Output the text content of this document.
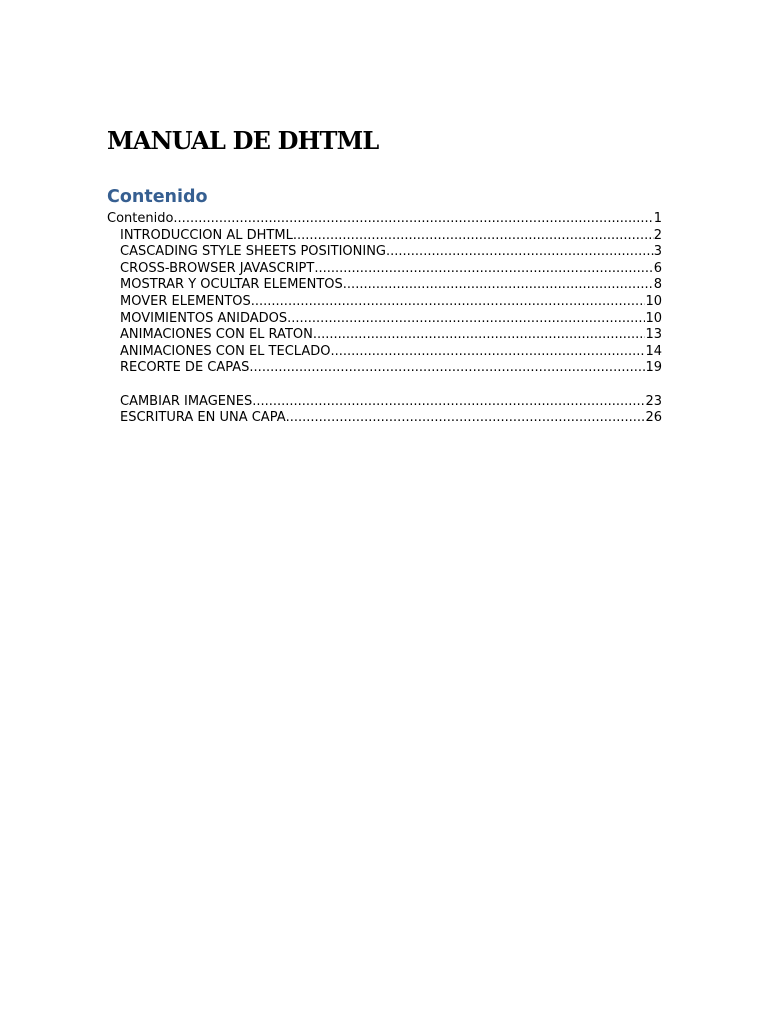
MANUAL DE DHTML
Contenido
Contenido .....	1
INTRODUCCION AL DHTML .....	2
CASCADING STYLE SHEETS POSITIONING .....	3
CROSS-BROWSER JAVASCRIPT .....	6
MOSTRAR Y OCULTAR ELEMENTOS .....	8
MOVER ELEMENTOS .....	10
MOVIMIENTOS ANIDADOS .....	10
ANIMACIONES CON EL RATON .....	13
ANIMACIONES CON EL TECLADO .....	14
RECORTE DE CAPAS .....	19
CAMBIAR IMAGENES .....	23
ESCRITURA EN UNA CAPA .....	26
